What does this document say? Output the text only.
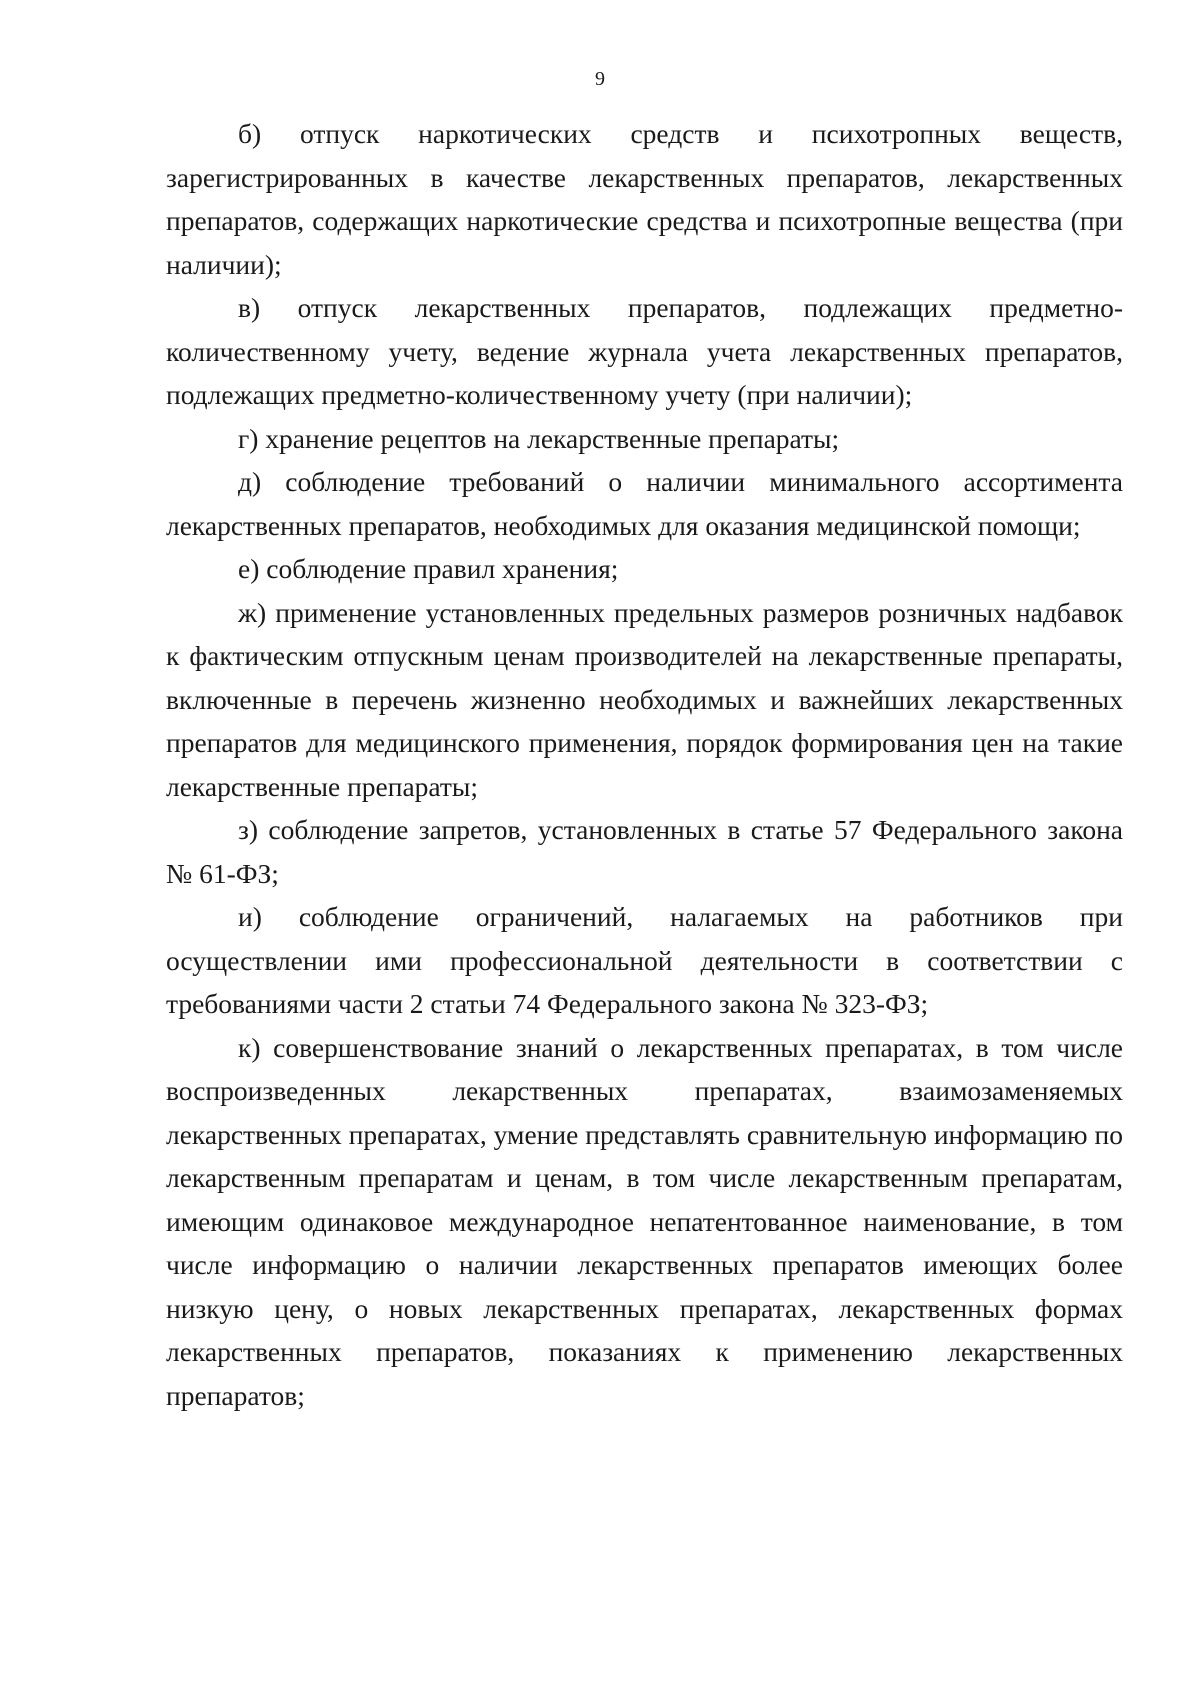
9

б) отпуск наркотических средств и психотропных веществ, зарегистрированных в качестве лекарственных препаратов, лекарственных препаратов, содержащих наркотические средства и психотропные вещества (при наличии);

в) отпуск лекарственных препаратов, подлежащих предметно-количественному учету, ведение журнала учета лекарственных препаратов, подлежащих предметно-количественному учету (при наличии);

г) хранение рецептов на лекарственные препараты;

д) соблюдение требований о наличии минимального ассортимента лекарственных препаратов, необходимых для оказания медицинской помощи;

е) соблюдение правил хранения;

ж) применение установленных предельных размеров розничных надбавок к фактическим отпускным ценам производителей на лекарственные препараты, включенные в перечень жизненно необходимых и важнейших лекарственных препаратов для медицинского применения, порядок формирования цен на такие лекарственные препараты;

з) соблюдение запретов, установленных в статье 57 Федерального закона № 61-ФЗ;

и) соблюдение ограничений, налагаемых на работников при осуществлении ими профессиональной деятельности в соответствии с требованиями части 2 статьи 74 Федерального закона № 323-ФЗ;

к) совершенствование знаний о лекарственных препаратах, в том числе воспроизведенных лекарственных препаратах, взаимозаменяемых лекарственных препаратах, умение представлять сравнительную информацию по лекарственным препаратам и ценам, в том числе лекарственным препаратам, имеющим одинаковое международное непатентованное наименование, в том числе информацию о наличии лекарственных препаратов имеющих более низкую цену, о новых лекарственных препаратах, лекарственных формах лекарственных препаратов, показаниях к применению лекарственных препаратов;
